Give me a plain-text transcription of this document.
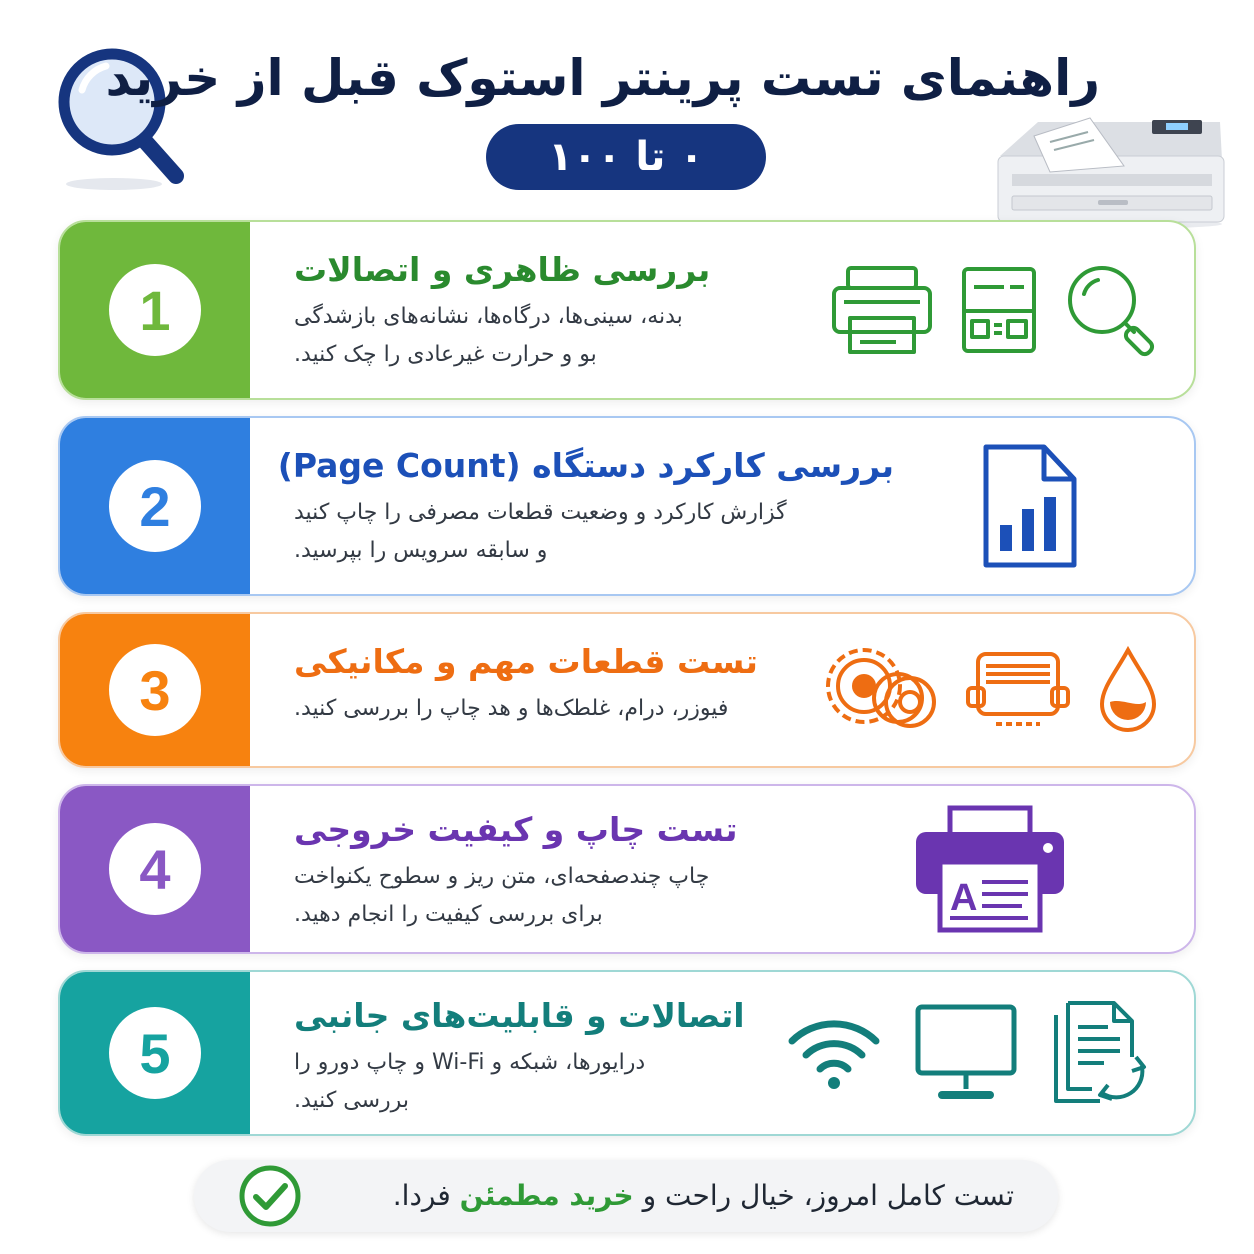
راهنمای تست پرینتر استوک قبل از خرید
۰ تا ۱۰۰
1
بررسی ظاهری و اتصالات
بدنه، سینی‌ها، درگاه‌ها، نشانه‌های بازشدگی
بو و حرارت غیرعادی را چک کنید.
2
بررسی کارکرد دستگاه (Page Count)
گزارش کارکرد و وضعیت قطعات مصرفی را چاپ کنید
و سابقه سرویس را بپرسید.
3	تست قطعات مهم و مکانیکی
فیوزر، درام، غلطک‌ها و هد چاپ را بررسی کنید.
4
تست چاپ و کیفیت خروجی
چاپ چندصفحه‌ای، متن ریز و سطوح یکنواخت
برای بررسی کیفیت را انجام دهید.	A
5
اتصالات و قابلیت‌های جانبی
درایورها، شبکه و Wi-Fi و چاپ دورو را
بررسی کنید.
تست کامل امروز، خیال راحت و خرید مطمئن فردا.
